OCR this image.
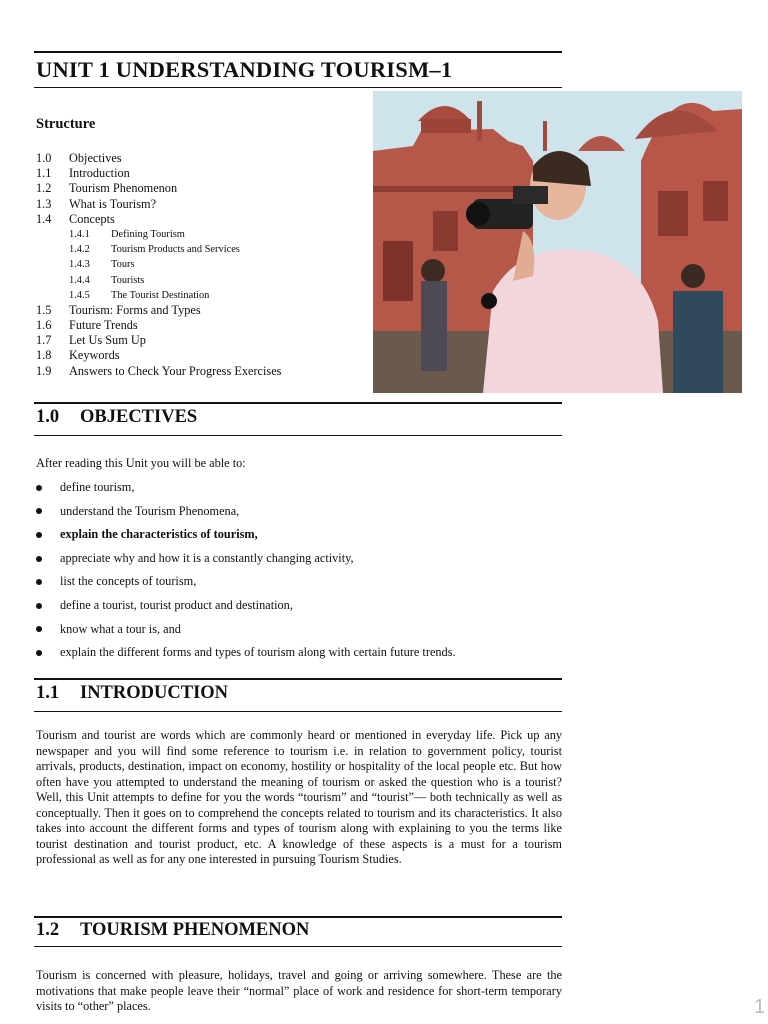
UNIT 1 UNDERSTANDING TOURISM–1
Structure
1.0	Objectives
1.1	Introduction
1.2	Tourism Phenomenon
1.3	What is Tourism?
1.4	Concepts
1.4.1	Defining Tourism
1.4.2	Tourism Products and Services
1.4.3	Tours
1.4.4	Tourists
1.4.5	The Tourist Destination
1.5	Tourism: Forms and Types
1.6	Future Trends
1.7	Let Us Sum Up
1.8	Keywords
1.9	Answers to Check Your Progress Exercises
1.0 OBJECTIVES

After reading this Unit you will be able to:

define tourism,
understand the Tourism Phenomena,
explain the characteristics of tourism,
appreciate why and how it is a constantly changing activity,
list the concepts of tourism,
define a tourist, tourist product and destination,
know what a tour is, and
explain the different forms and types of tourism along with certain future trends.
1.1 INTRODUCTION

Tourism and tourist are words which are commonly heard or mentioned in everyday life. Pick up any newspaper and you will find some reference to tourism i.e. in relation to government policy, tourist arrivals, products, destination, impact on economy, hostility or hospitality of the local people etc. But how often have you attempted to understand the meaning of tourism or asked the question who is a tourist? Well, this Unit attempts to define for you the words “tourism” and “tourist”— both technically as well as conceptually. Then it goes on to comprehend the concepts related to tourism and its characteristics. It also takes into account the different forms and types of tourism along with explaining to you the terms like tourist destination and tourist product, etc. A knowledge of these aspects is a must for a tourism professional as well as for any one interested in pursuing Tourism Studies.

1.2 TOURISM PHENOMENON

Tourism is concerned with pleasure, holidays, travel and going or arriving somewhere. These are the motivations that make people leave their “normal” place of work and residence for short-term temporary visits to “other” places.	1
